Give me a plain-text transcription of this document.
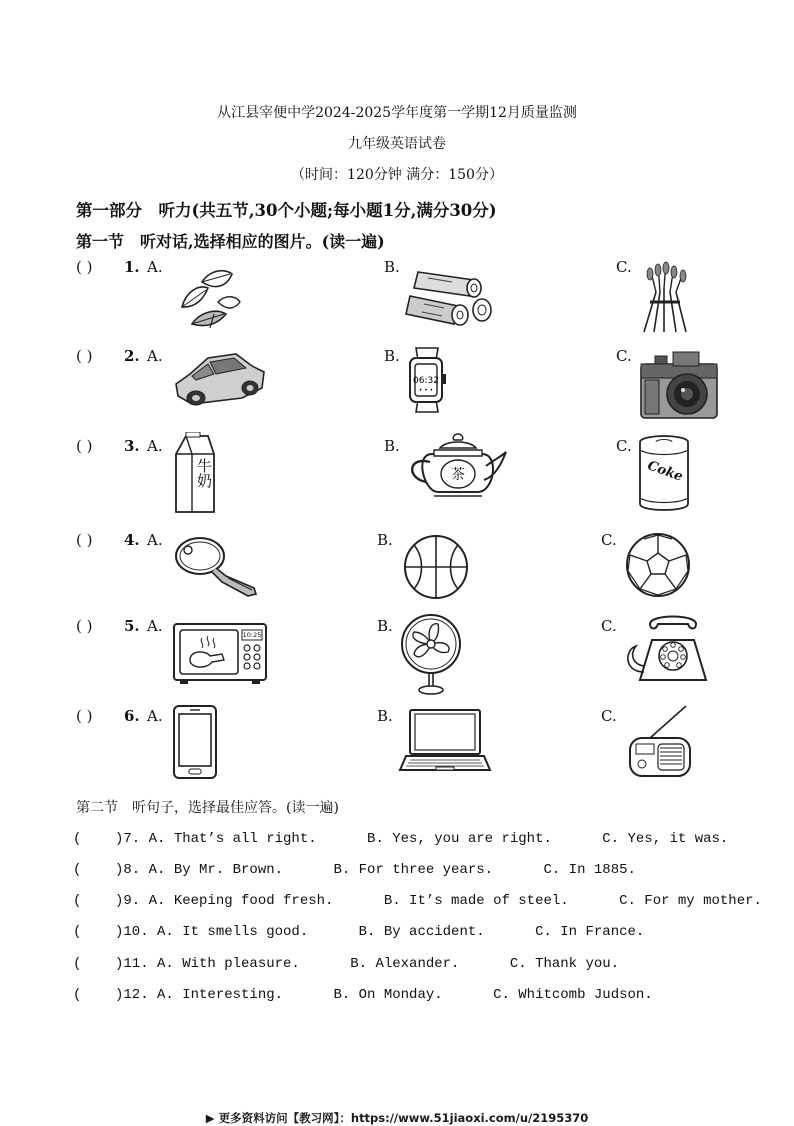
从江县宰便中学2024-2025学年度第一学期12月质量监测
九年级英语试卷
（时间：120分钟 满分：150分）
第一部分　听力(共五节,30个小题;每小题1分,满分30分)
第一节　听对话,选择相应的图片。(读一遍)
( ) 1. A.	B.	C.
( ) 2. A.	B.	C.
06:32
• • •
( ) 3. A.	B.	C.
牛奶	茶	Coke
( ) 4. A.	B.	C.
( ) 5. A.	B.	C.
10:25
( ) 6. A.	B.	C.
第二节　听句子，选择最佳应答。(读一遍)
(    )7. A. That’s all right.      B. Yes, you are right.      C. Yes, it was.
(    )8. A. By Mr. Brown.      B. For three years.      C. In 1885.
(    )9. A. Keeping food fresh.      B. It’s made of steel.      C. For my mother.
(    )10. A. It smells good.      B. By accident.      C. In France.
(    )11. A. With pleasure.      B. Alexander.      C. Thank you.
(    )12. A. Interesting.      B. On Monday.      C. Whitcomb Judson.
▶ 更多资料访问【教习网】：https://www.51jiaoxi.com/u/2195370
